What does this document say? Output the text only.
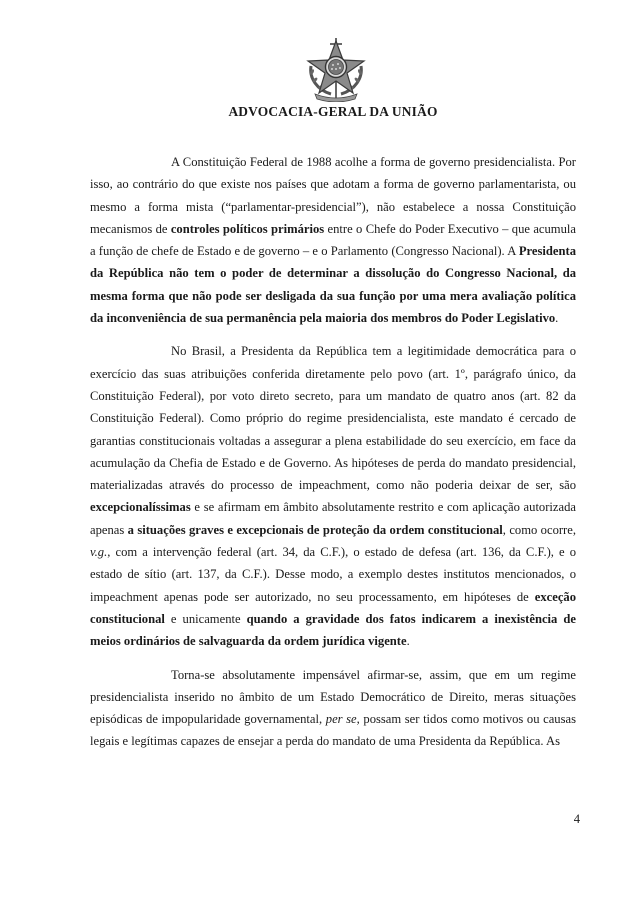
ADVOCACIA-GERAL DA UNIÃO

A Constituição Federal de 1988 acolhe a forma de governo presidencialista. Por isso, ao contrário do que existe nos países que adotam a forma de governo parlamentarista, ou mesmo a forma mista (“parlamentar-presidencial”), não estabelece a nossa Constituição mecanismos de controles políticos primários entre o Chefe do Poder Executivo – que acumula a função de chefe de Estado e de governo – e o Parlamento (Congresso Nacional). A Presidenta da República não tem o poder de determinar a dissolução do Congresso Nacional, da mesma forma que não pode ser desligada da sua função por uma mera avaliação política da inconveniência de sua permanência pela maioria dos membros do Poder Legislativo.

No Brasil, a Presidenta da República tem a legitimidade democrática para o exercício das suas atribuições conferida diretamente pelo povo (art. 1º, parágrafo único, da Constituição Federal), por voto direto secreto, para um mandato de quatro anos (art. 82 da Constituição Federal). Como próprio do regime presidencialista, este mandato é cercado de garantias constitucionais voltadas a assegurar a plena estabilidade do seu exercício, em face da acumulação da Chefia de Estado e de Governo. As hipóteses de perda do mandato presidencial, materializadas através do processo de impeachment, como não poderia deixar de ser, são excepcionalíssimas e se afirmam em âmbito absolutamente restrito e com aplicação autorizada apenas a situações graves e excepcionais de proteção da ordem constitucional, como ocorre, v.g., com a intervenção federal (art. 34, da C.F.), o estado de defesa (art. 136, da C.F.), e o estado de sítio (art. 137, da C.F.). Desse modo, a exemplo destes institutos mencionados, o impeachment apenas pode ser autorizado, no seu processamento, em hipóteses de exceção constitucional e unicamente quando a gravidade dos fatos indicarem a inexistência de meios ordinários de salvaguarda da ordem jurídica vigente.

Torna-se absolutamente impensável afirmar-se, assim, que em um regime presidencialista inserido no âmbito de um Estado Democrático de Direito, meras situações episódicas de impopularidade governamental, per se, possam ser tidos como motivos ou causas legais e legítimas capazes de ensejar a perda do mandato de uma Presidenta da República. As

4
